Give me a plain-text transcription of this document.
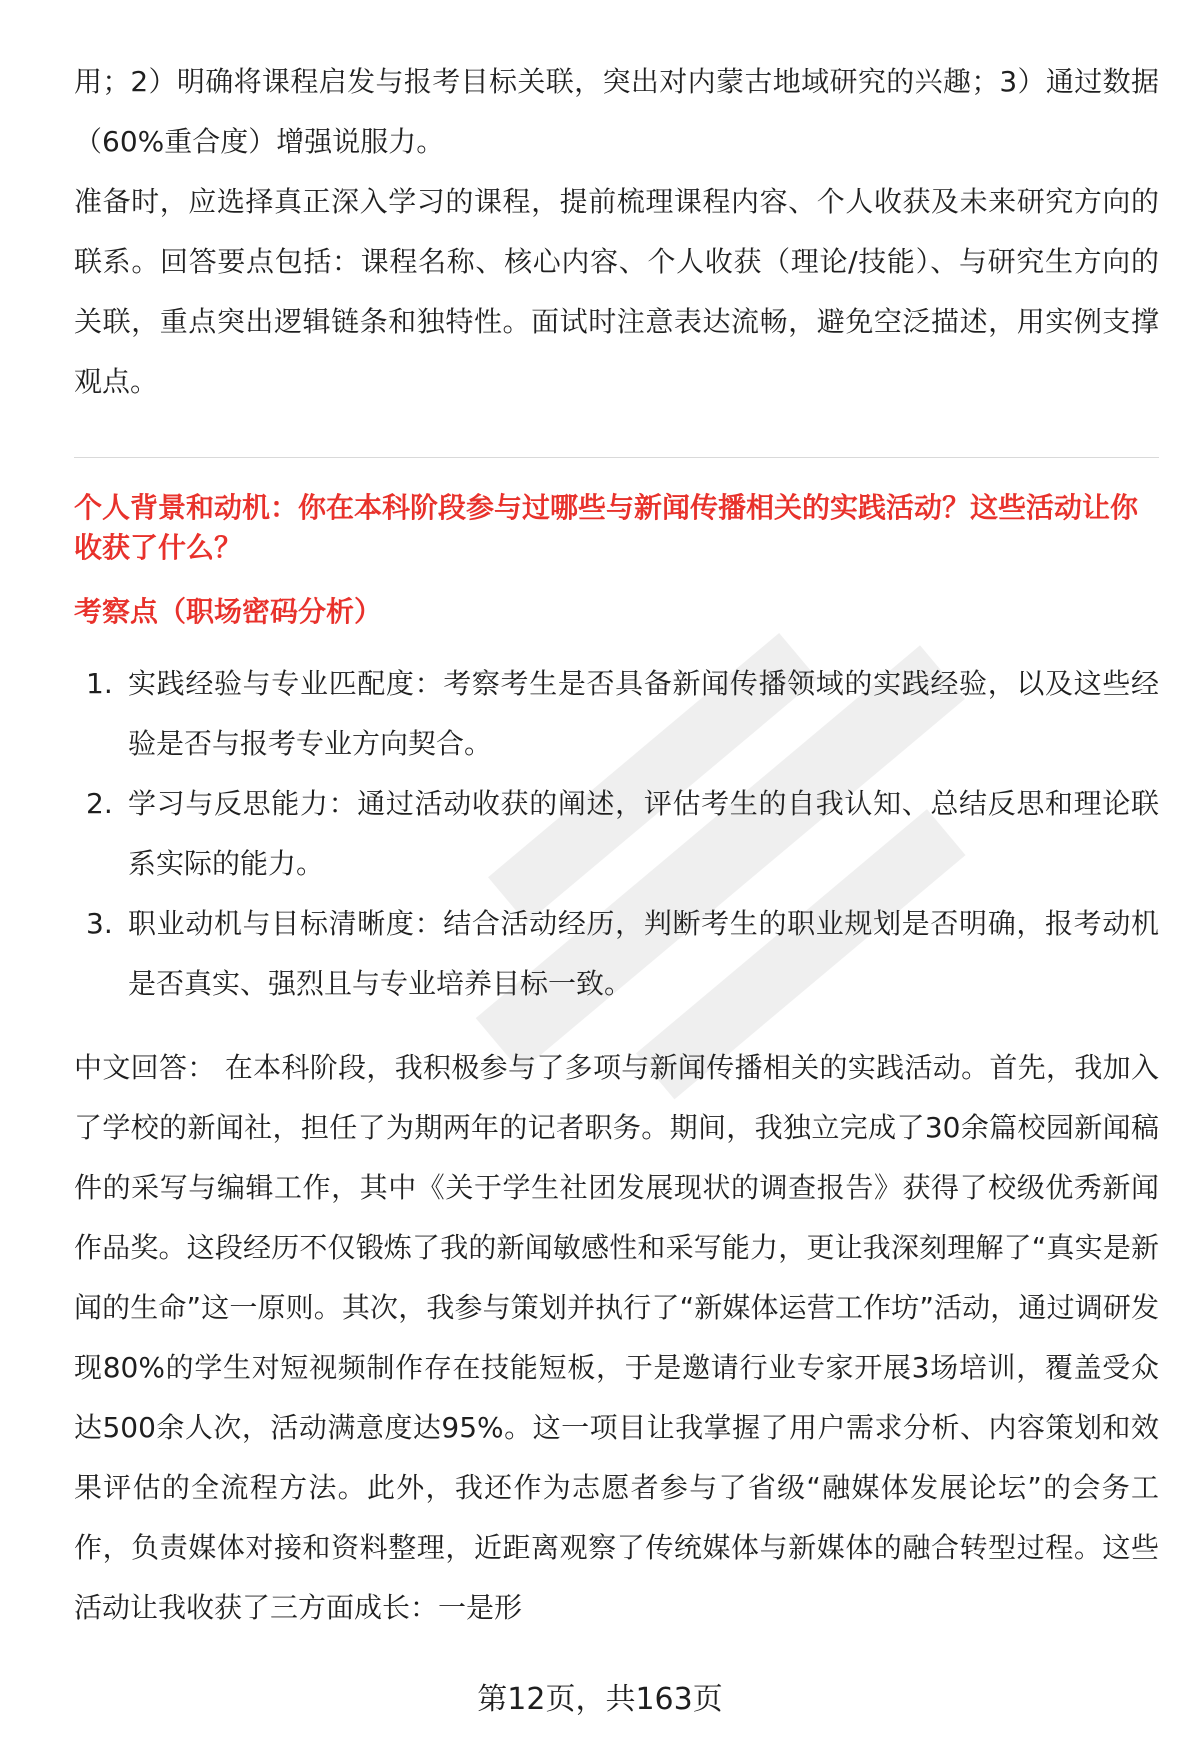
用；2）明确将课程启发与报考目标关联，突出对内蒙古地域研究的兴趣；3）通过数据（60%重合度）增强说服力。

准备时，应选择真正深入学习的课程，提前梳理课程内容、个人收获及未来研究方向的联系。回答要点包括：课程名称、核心内容、个人收获（理论/技能）、与研究生方向的关联，重点突出逻辑链条和独特性。面试时注意表达流畅，避免空泛描述，用实例支撑观点。

个人背景和动机：你在本科阶段参与过哪些与新闻传播相关的实践活动？这些活动让你收获了什么？
考察点（职场密码分析）
1. 实践经验与专业匹配度：考察考生是否具备新闻传播领域的实践经验，以及这些经验是否与报考专业方向契合。
2. 学习与反思能力：通过活动收获的阐述，评估考生的自我认知、总结反思和理论联系实际的能力。
3. 职业动机与目标清晰度：结合活动经历，判断考生的职业规划是否明确，报考动机是否真实、强烈且与专业培养目标一致。

中文回答： 在本科阶段，我积极参与了多项与新闻传播相关的实践活动。首先，我加入了学校的新闻社，担任了为期两年的记者职务。期间，我独立完成了30余篇校园新闻稿件的采写与编辑工作，其中《关于学生社团发展现状的调查报告》获得了校级优秀新闻作品奖。这段经历不仅锻炼了我的新闻敏感性和采写能力，更让我深刻理解了“真实是新闻的生命”这一原则。其次，我参与策划并执行了“新媒体运营工作坊”活动，通过调研发现80%的学生对短视频制作存在技能短板，于是邀请行业专家开展3场培训，覆盖受众达500余人次，活动满意度达95%。这一项目让我掌握了用户需求分析、内容策划和效果评估的全流程方法。此外，我还作为志愿者参与了省级“融媒体发展论坛”的会务工作，负责媒体对接和资料整理，近距离观察了传统媒体与新媒体的融合转型过程。这些活动让我收获了三方面成长：一是形

第12页，共163页
